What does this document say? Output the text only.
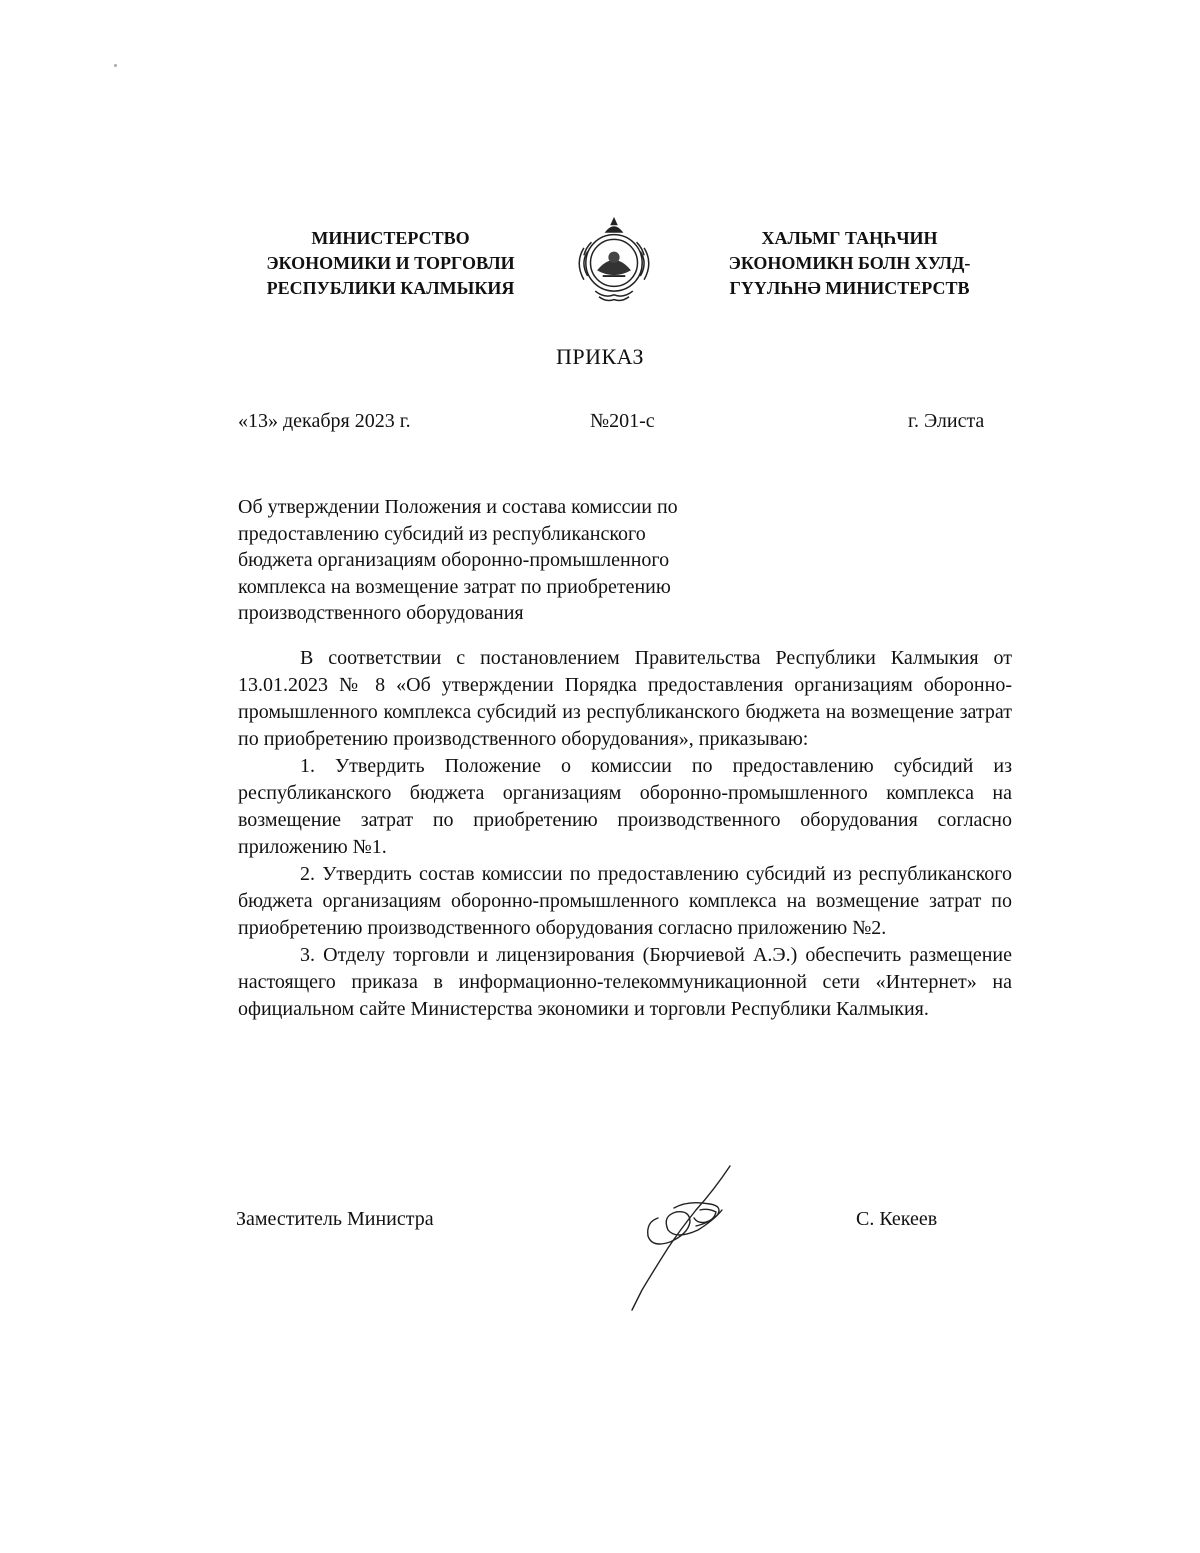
МИНИСТЕРСТВО
ЭКОНОМИКИ И ТОРГОВЛИ
РЕСПУБЛИКИ КАЛМЫКИЯ
ХАЛЬМГ ТАҢҺЧИН
ЭКОНОМИКН БОЛН ХУЛД-
ГҮҮЛҺНӘ МИНИСТЕРСТВ
ПРИКАЗ
«13» декабря 2023 г.	№201-с	г. Элиста
Об утверждении Положения и состава комиссии по
предоставлению субсидий из республиканского
бюджета организациям оборонно-промышленного
комплекса на возмещение затрат по приобретению
производственного оборудования

В соответствии с постановлением Правительства Республики Калмыкия от 13.01.2023 № 8 «Об утверждении Порядка предоставления организациям оборонно-промышленного комплекса субсидий из республиканского бюджета на возмещение затрат по приобретению производственного оборудования», приказываю:

1. Утвердить Положение о комиссии по предоставлению субсидий из республиканского бюджета организациям оборонно-промышленного комплекса на возмещение затрат по приобретению производственного оборудования согласно приложению №1.

2. Утвердить состав комиссии по предоставлению субсидий из республиканского бюджета организациям оборонно-промышленного комплекса на возмещение затрат по приобретению производственного оборудования согласно приложению №2.

3. Отделу торговли и лицензирования (Бюрчиевой А.Э.) обеспечить размещение настоящего приказа в информационно-телекоммуникационной сети «Интернет» на официальном сайте Министерства экономики и торговли Республики Калмыкия.

Заместитель Министра	С. Кекеев
